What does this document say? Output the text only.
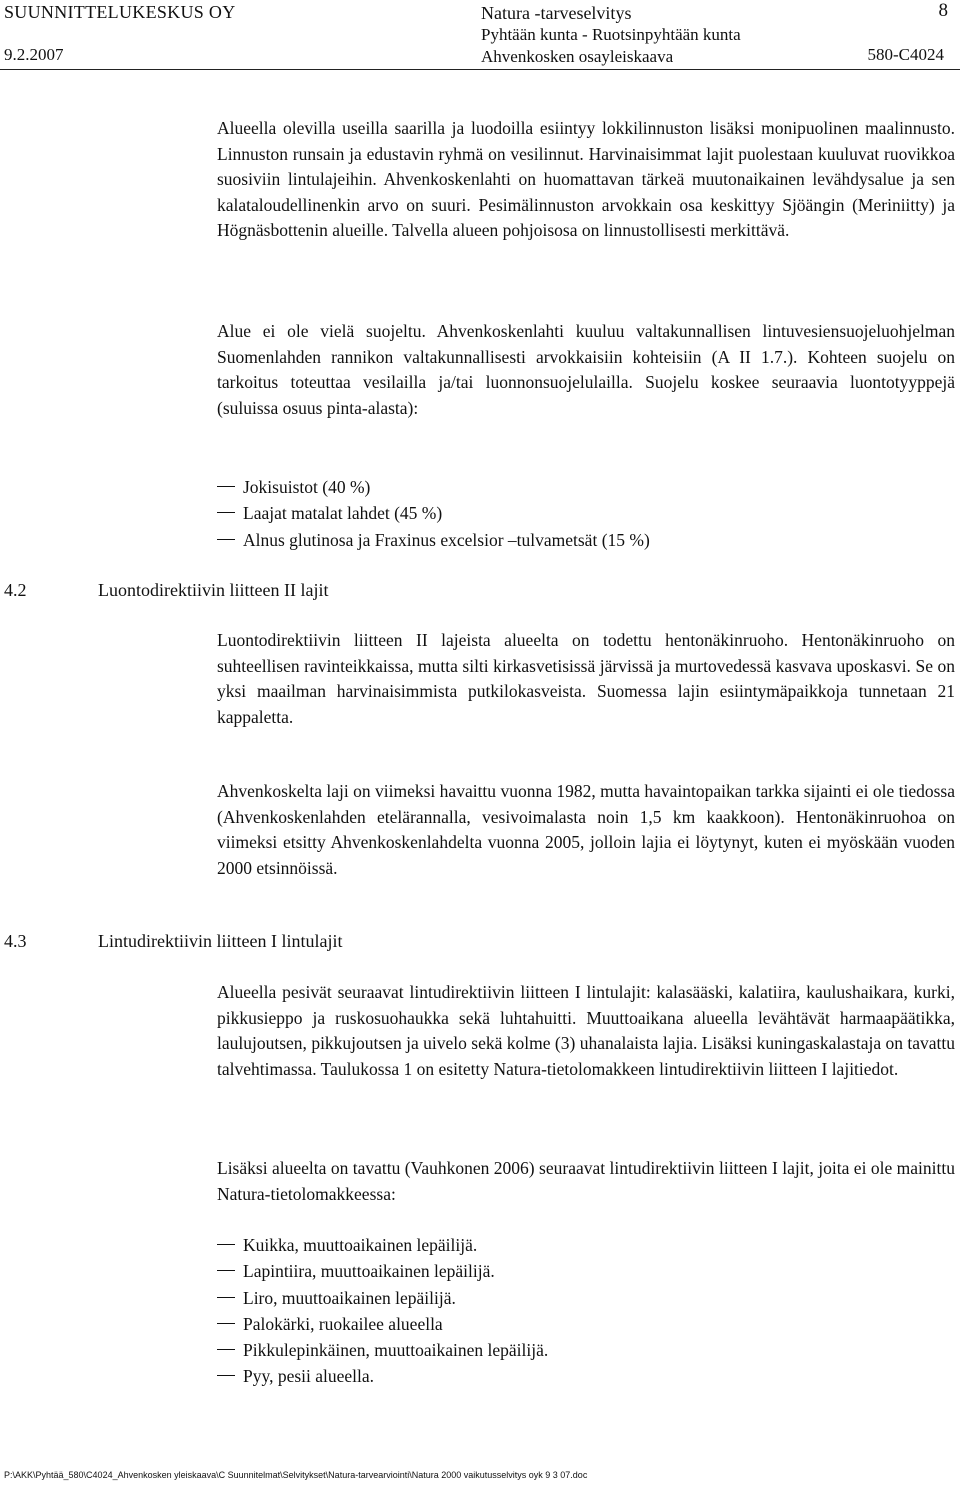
SUUNNITTELUKESKUS OY
9.2.2007
Natura -tarveselvitys
Pyhtään kunta - Ruotsinpyhtään kunta
Ahvenkosken osayleiskaava
8
580-C4024

Alueella olevilla useilla saarilla ja luodoilla esiintyy lokkilinnuston lisäksi monipuolinen maalinnusto. Linnuston runsain ja edustavin ryhmä on vesilinnut. Harvinaisimmat lajit puolestaan kuuluvat ruovikkoa suosiviin lintulajeihin. Ahvenkoskenlahti on huomattavan tärkeä muutonaikainen levähdysalue ja sen kalataloudellinenkin arvo on suuri. Pesimälinnuston arvokkain osa keskittyy Sjöängin (Meriniitty) ja Högnäsbottenin alueille. Talvella alueen pohjoisosa on linnustollisesti merkittävä.

Alue ei ole vielä suojeltu. Ahvenkoskenlahti kuuluu valtakunnallisen lintuvesiensuojeluohjelman Suomenlahden rannikon valtakunnallisesti arvokkaisiin kohteisiin (A II 1.7.). Kohteen suojelu on tarkoitus toteuttaa vesilailla ja/tai luonnonsuojelulailla. Suojelu koskee seuraavia luontotyyppejä (suluissa osuus pinta-alasta):

Jokisuistot (40 %)
Laajat matalat lahdet (45 %)
Alnus glutinosa ja Fraxinus excelsior –tulvametsät (15 %)
4.2	Luontodirektiivin liitteen II lajit

Luontodirektiivin liitteen II lajeista alueelta on todettu hentonäkinruoho. Hentonäkinruoho on suhteellisen ravinteikkaissa, mutta silti kirkasvetisissä järvissä ja murtovedessä kasvava uposkasvi. Se on yksi maailman harvinaisimmista putkilokasveista. Suomessa lajin esiintymäpaikkoja tunnetaan 21 kappaletta.

Ahvenkoskelta laji on viimeksi havaittu vuonna 1982, mutta havaintopaikan tarkka sijainti ei ole tiedossa (Ahvenkoskenlahden etelärannalla, vesivoimalasta noin 1,5 km kaakkoon). Hentonäkinruohoa on viimeksi etsitty Ahvenkoskenlahdelta vuonna 2005, jolloin lajia ei löytynyt, kuten ei myöskään vuoden 2000 etsinnöissä.

4.3	Lintudirektiivin liitteen I lintulajit

Alueella pesivät seuraavat lintudirektiivin liitteen I lintulajit: kalasääski, kalatiira, kaulushaikara, kurki, pikkusieppo ja ruskosuohaukka sekä luhtahuitti. Muuttoaikana alueella levähtävät harmaapäätikka, laulujoutsen, pikkujoutsen ja uivelo sekä kolme (3) uhanalaista lajia. Lisäksi kuningaskalastaja on tavattu talvehtimassa. Taulukossa 1 on esitetty Natura-tietolomakkeen lintudirektiivin liitteen I lajitiedot.

Lisäksi alueelta on tavattu (Vauhkonen 2006) seuraavat lintudirektiivin liitteen I lajit, joita ei ole mainittu Natura-tietolomakkeessa:

Kuikka, muuttoaikainen lepäilijä.
Lapintiira, muuttoaikainen lepäilijä.
Liro, muuttoaikainen lepäilijä.
Palokärki, ruokailee alueella
Pikkulepinkäinen, muuttoaikainen lepäilijä.
Pyy, pesii alueella.
P:\AKK\Pyhtää_580\C4024_Ahvenkosken yleiskaava\C Suunnitelmat\Selvitykset\Natura-tarvearviointi\Natura 2000 vaikutusselvitys oyk 9 3 07.doc
